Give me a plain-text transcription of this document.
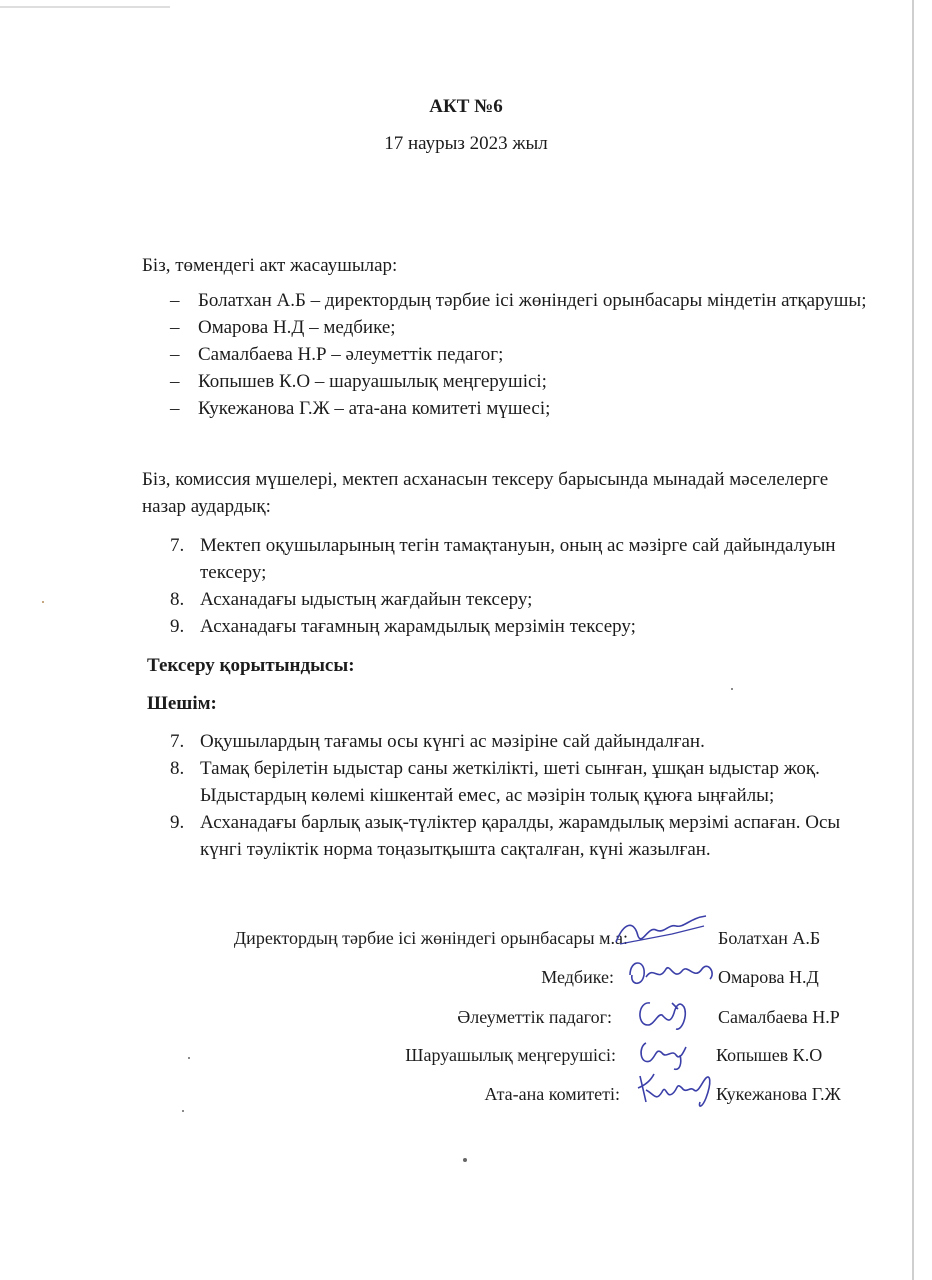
АКТ №6
17 наурыз 2023 жыл
Біз, төмендегі акт жасаушылар:
– Болатхан А.Б – директордың тәрбие ісі жөніндегі орынбасары міндетін атқарушы;
– Омарова Н.Д – медбике;
– Самалбаева Н.Р – әлеуметтік педагог;
– Копышев К.О – шаруашылық меңгерушісі;
– Кукежанова Г.Ж – ата-ана комитеті мүшесі;
Біз, комиссия мүшелері, мектеп асханасын тексеру барысында мынадай мәселелерге назар аудардық:
7. Мектеп оқушыларының тегін тамақтануын, оның ас мәзірге сай дайындалуын тексеру;
8. Асханадағы ыдыстың жағдайын тексеру;
9. Асханадағы тағамның жарамдылық мерзімін тексеру;
Тексеру қорытындысы:
Шешім:
7. Оқушылардың тағамы осы күнгі ас мәзіріне сай дайындалған.
8. Тамақ берілетін ыдыстар саны жеткілікті, шеті сынған, ұшқан ыдыстар жоқ. Ыдыстардың көлемі кішкентай емес, ас мәзірін толық құюға ыңғайлы;
9. Асханадағы барлық азық-түліктер қаралды, жарамдылық мерзімі аспаған. Осы күнгі тәуліктік норма тоңазытқышта сақталған, күні жазылған.
Директордың тәрбие ісі жөніндегі орынбасары м.а:	Болатхан А.Б
Медбике:	Омарова Н.Д
Әлеуметтік падагог:	Самалбаева Н.Р
Шаруашылық меңгерушісі:	Копышев К.О
Ата-ана комитеті:	Кукежанова Г.Ж
